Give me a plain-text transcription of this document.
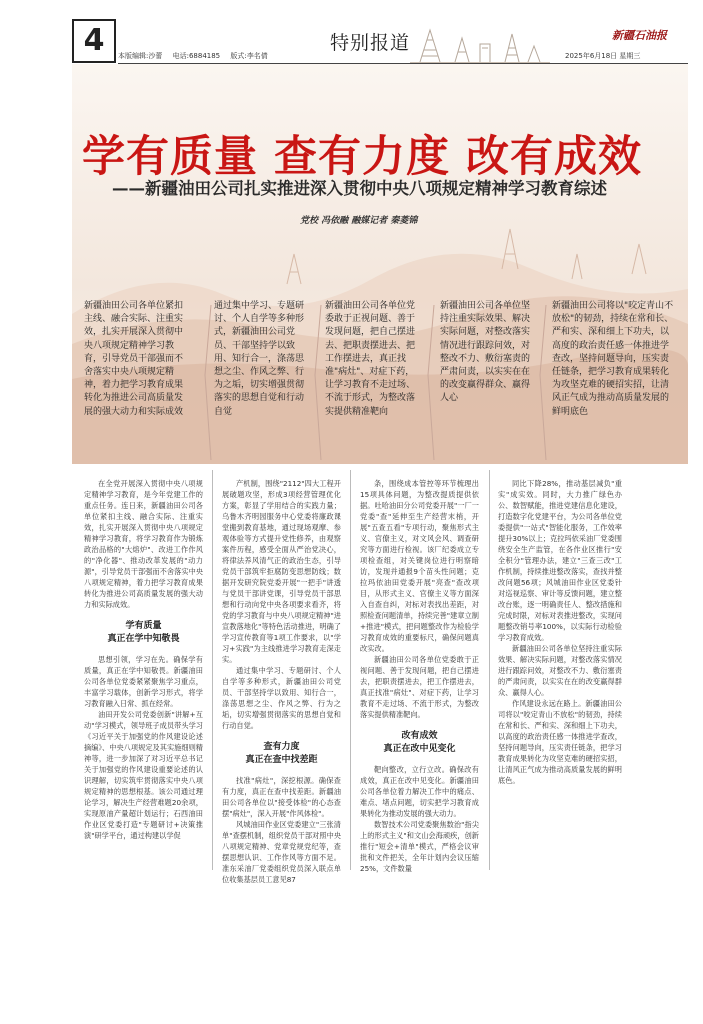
4	本版编辑:沙蕾 电话:6884185 版式:李名倩
特别报道	新疆石油报
2025年6月18日 星期三
学有质量 查有力度 改有成效
——新疆油田公司扎实推进深入贯彻中央八项规定精神学习教育综述
党校 冯依融 融媒记者 秦菱锦
新疆油田公司各单位紧扣主线、融合实际、注重实效，扎实开展深入贯彻中央八项规定精神学习教育，引导党员干部强而不舍落实中央八项规定精神，着力把学习教育成果转化为推进公司高质量发展的强大动力和实际成效
通过集中学习、专题研讨、个人自学等多种形式，新疆油田公司党员、干部坚持学以致用、知行合一，涤荡思想之尘、作风之弊、行为之垢，切实增强贯彻落实的思想自觉和行动自觉
新疆油田公司各单位党委敢于正视问题、善于发现问题，把自己摆进去、把职责摆进去、把工作摆进去，真正找准"病灶"、对症下药，让学习教育不走过场、不流于形式，为整改落实提供精准靶向
新疆油田公司各单位坚持注重实际效果、解决实际问题，对整改落实情况进行跟踪问效，对整改不力、敷衍塞责的严肃问责，以实实在在的改变赢得群众、赢得人心
新疆油田公司将以"咬定青山不放松"的韧劲，持续在常和长、严和实、深和细上下功夫，以高度的政治责任感一体推进学查改，坚持问题导向，压实责任链条，把学习教育成果转化为攻坚克难的硬招实招，让清风正气成为推动高质量发展的鲜明底色

在全党开展深入贯彻中央八项规定精神学习教育，是今年党建工作的重点任务。连日来，新疆油田公司各单位紧扣主线、融合实际、注重实效，扎实开展深入贯彻中央八项规定精神学习教育，将学习教育作为锻炼政治品格的"大熔炉"、改进工作作风的"净化器"、推动改革发展的"动力源"，引导党员干部强而不舍落实中央八项规定精神，着力把学习教育成果转化为推进公司高质量发展的强大动力和实际成效。

学有质量
真正在学中知敬畏

思想引领，学习在先。确保学有质量，真正在学中知敬畏。新疆油田公司各单位党委紧紧聚焦学习重点，丰富学习载体，创新学习形式，将学习教育融入日常、抓在经常。

油田开发公司党委创新"讲解+互动"学习模式，领导班子成员带头学习《习近平关于加强党的作风建设论述摘编》、中央八项规定及其实施细则精神等，进一步加深了对习近平总书记关于加强党的作风建设重要论述的认识理解，切实筑牢贯彻落实中央八项规定精神的思想根基。该公司通过理论学习，解决生产经营难题20余项，实现原油产量超计划运行；石西油田作业区党委打造"专题研讨+决策推演"研学平台，通过构建以学促

产机制，围绕"2112"四大工程开展破题攻坚，形成3项经营管理优化方案，彰显了学用结合的实践力量；乌鲁木齐明园服务中心党委将廉政课堂搬到教育基地，通过现场观摩、参观体验等方式提升党性修养，由观察案件历程，感受全面从严治党决心，将律法养风清气正的政治生态，引导党员干部筑牢拒腐防变思想防线；数据开发研究院党委开展"一把手"讲透与党员干部讲党课，引导党员干部思想和行动向党中央各项要求看齐，将党的学习教育与中央八项规定精神"进宣教落地化"等特色活动推进，明确了学习宣传教育等1项工作要求，以"学习+实践"为主线推进学习教育走深走实。

通过集中学习、专题研讨、个人自学等多种形式，新疆油田公司党员、干部坚持学以致用、知行合一，涤荡思想之尘、作风之弊、行为之垢，切实增强贯彻落实的思想自觉和行动自觉。

查有力度
真正在查中找差距

找准"病灶"，深挖根源。确保查有力度，真正在查中找差距。新疆油田公司各单位以"接受体检"的心态查摆"病灶"，深入开展"作风体检"。

风城油田作业区党委建立"三张清单"查摆机制，组织党员干部对照中央八项规定精神、党章党规党纪等，查摆思想认识、工作作风等方面不足。准东采油厂党委组织党员深入联点单位收集基层员工意见87

条，围绕成本管控等环节梳理出15项具体问题，为整改提质提供依据。吐哈油田分公司党委开展"一厂一党委"查"延伸至生产经营末梢，开展"五查五看"专项行动，聚焦形式主义、官僚主义，对文风会风、调查研究等方面进行检视。该厂纪委成立专项检查组，对关键岗位进行明察暗访，发现并通报9个苗头性问题；克拉玛依油田党委开展"亮查"查改项目，从形式主义、官僚主义等方面深入自查自纠，对标对表找出差距，对照检查问题清单，持续完善"建章立制+推进"模式，把问题整改作为检验学习教育成效的重要标尺，确保问题真改实改。

新疆油田公司各单位党委敢于正视问题、善于发现问题，把自己摆进去，把职责摆进去，把工作摆进去，真正找准"病灶"、对症下药，让学习教育不走过场、不流于形式，为整改落实提供精准靶向。

改有成效
真正在改中见变化

靶向整改，立行立改。确保改有成效，真正在改中见变化。新疆油田公司各单位着力解决工作中的痛点、难点、堵点问题，切实把学习教育成果转化为推动发展的强大动力。

数智技术公司党委聚焦数治"指尖上的形式主义"和文山会海顽疾，创新推行"短会+清单"模式，严格会议审批和文件把关，全年计划内会议压缩25%，文件数量

同比下降28%，推动基层减负"重实"成实效。同时，大力推广绿色办公、数智赋能，推进党建信息化建设，打造数字化党建平台，为公司各单位党委提供"一站式"智能化服务，工作效率提升30%以上；克拉玛依采油厂党委围绕安全生产监管，在各作业区推行"安全积分"管理办法，建立"三查三改"工作机制，持续推进整改落实，查找并整改问题56项；风城油田作业区党委针对巡视巡察、审计等反馈问题，建立整改台账，逐一明确责任人、整改措施和完成时限，对标对表推进整改，实现问题整改销号率100%，以实际行动检验学习教育成效。

新疆油田公司各单位坚持注重实际效果、解决实际问题，对整改落实情况进行跟踪问效，对整改不力、敷衍塞责的严肃问责，以实实在在的改变赢得群众、赢得人心。

作风建设永远在路上。新疆油田公司将以"咬定青山不放松"的韧劲，持续在常和长、严和实、深和细上下功夫，以高度的政治责任感一体推进学查改，坚持问题导向，压实责任链条，把学习教育成果转化为攻坚克难的硬招实招，让清风正气成为推动高质量发展的鲜明底色。
